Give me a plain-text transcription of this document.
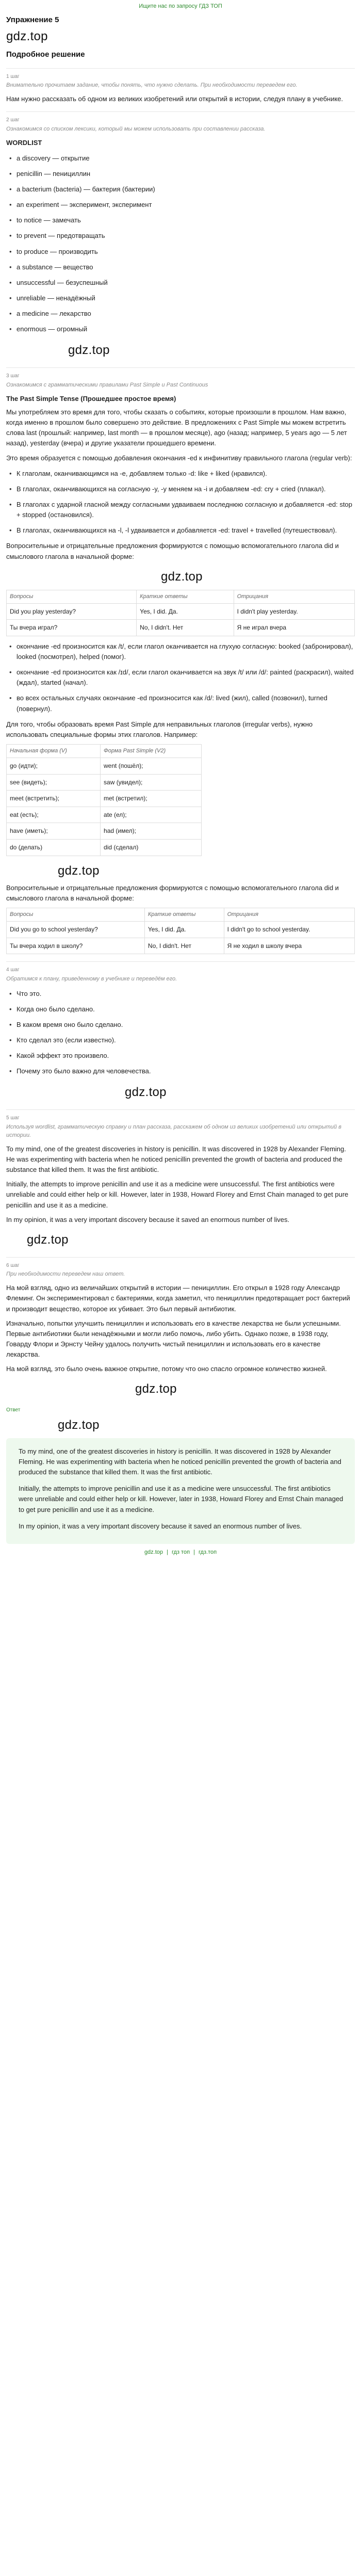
Ищите нас по запросу ГДЗ ТОП
Упражнение 5
gdz.top
Подробное решение
1 шаг
Внимательно прочитаем задание, чтобы понять, что нужно сделать. При необходимости переведем его.

Нам нужно рассказать об одном из великих изобретений или открытий в истории, следуя плану в учебнике.

2 шаг
Ознакомимся со списком лексики, который мы можем использовать при составлении рассказа.
WORDLIST
• a discovery — открытие
• penicillin — пенициллин
• a bacterium (bacteria) — бактерия (бактерии)
• an experiment — эксперимент, эксперимент
• to notice — замечать
• to prevent — предотвращать
• to produce — производить
• a substance — вещество
• unsuccessful — безуспешный
• unreliable — ненадёжный
• a medicine — лекарство
• enormous — огромный
gdz.top
3 шаг
Ознакомимся с грамматическими правилами Past Simple и Past Continuous
The Past Simple Tense (Прошедшее простое время)

Мы употребляем это время для того, чтобы сказать о событиях, которые произошли в прошлом. Нам важно, когда именно в прошлом было совершено это действие. В предложениях с Past Simple мы можем встретить слова last (прошлый: например, last month — в прошлом месяце), ago (назад; например, 5 years ago — 5 лет назад), yesterday (вчера) и другие указатели прошедшего времени.

Это время образуется с помощью добавления окончания -ed к инфинитиву правильного глагола (regular verb):

• К глаголам, оканчивающимся на -e, добавляем только -d: like + liked (нравился).
• В глаголах, оканчивающихся на согласную -y, -y меняем на -i и добавляем -ed: cry + cried (плакал).
• В глаголах с ударной гласной между согласными удваиваем последнюю согласную и добавляется -ed: stop + stopped (остановился).
• В глаголах, оканчивающихся на -l, -l удваивается и добавляется -ed: travel + travelled (путешествовал).

Вопросительные и отрицательные предложения формируются с помощью вспомогательного глагола did и смыслового глагола в начальной форме:

gdz.top
Вопросы	Краткие ответы	Отрицания
Did you play yesterday?	Yes, I did. Да.	I didn't play yesterday.
Ты вчера играл?	No, I didn't. Нет	Я не играл вчера
• окончание -ed произносится как /t/, если глагол оканчивается на глухую согласную: booked (забронировал), looked (посмотрел), helped (помог).
• окончание -ed произносится как /ɪd/, если глагол оканчивается на звук /t/ или /d/: painted (раскрасил), waited (ждал), started (начал).
• во всех остальных случаях окончание -ed произносится как /d/: lived (жил), called (позвонил), turned (повернул).

Для того, чтобы образовать время Past Simple для неправильных глаголов (irregular verbs), нужно использовать специальные формы этих глаголов. Например:

Начальная форма (V)	Форма Past Simple (V2)
go (идти);	went (пошёл);
see (видеть);	saw (увидел);
meet (встретить);	met (встретил);
eat (есть);	ate (ел);
have (иметь);	had (имел);
do (делать)	did (сделал)
gdz.top

Вопросительные и отрицательные предложения формируются с помощью вспомогательного глагола did и смыслового глагола в начальной форме:

Вопросы	Краткие ответы	Отрицания
Did you go to school yesterday?	Yes, I did. Да.	I didn't go to school yesterday.
Ты вчера ходил в школу?	No, I didn't. Нет	Я не ходил в школу вчера
4 шаг
Обратимся к плану, приведенному в учебнике и переведём его.
• Что это.
• Когда оно было сделано.
• В каком время оно было сделано.
• Кто сделал это (если известно).
• Какой эффект это произвело.
• Почему это было важно для человечества.
gdz.top
5 шаг
Используя wordlist, грамматическую справку и план рассказа, расскажем об одном из великих изобретений или открытий в истории.

To my mind, one of the greatest discoveries in history is penicillin. It was discovered in 1928 by Alexander Fleming. He was experimenting with bacteria when he noticed penicillin prevented the growth of bacteria and produced the substance that killed them. It was the first antibiotic.

Initially, the attempts to improve penicillin and use it as a medicine were unsuccessful. The first antibiotics were unreliable and could either help or kill. However, later in 1938, Howard Florey and Ernst Chain managed to get pure penicillin and use it as a medicine.

In my opinion, it was a very important discovery because it saved an enormous number of lives.

gdz.top
6 шаг
При необходимости переведем наш ответ.

На мой взгляд, одно из величайших открытий в истории — пенициллин. Его открыл в 1928 году Александр Флеминг. Он экспериментировал с бактериями, когда заметил, что пенициллин предотвращает рост бактерий и производит вещество, которое их убивает. Это был первый антибиотик.

Изначально, попытки улучшить пенициллин и использовать его в качестве лекарства не были успешными. Первые антибиотики были ненадёжными и могли либо помочь, либо убить. Однако позже, в 1938 году, Говарду Флори и Эрнсту Чейну удалось получить чистый пенициллин и использовать его в качестве лекарства.

На мой взгляд, это было очень важное открытие, потому что оно спасло огромное количество жизней.

gdz.top
Ответ
gdz.top

To my mind, one of the greatest discoveries in history is penicillin. It was discovered in 1928 by Alexander Fleming. He was experimenting with bacteria when he noticed penicillin prevented the growth of bacteria and produced the substance that killed them. It was the first antibiotic.

Initially, the attempts to improve penicillin and use it as a medicine were unsuccessful. The first antibiotics were unreliable and could either help or kill. However, later in 1938, Howard Florey and Ernst Chain managed to get pure penicillin and use it as a medicine.

In my opinion, it was a very important discovery because it saved an enormous number of lives.

gdz.top | гдз топ | гдз.топ
